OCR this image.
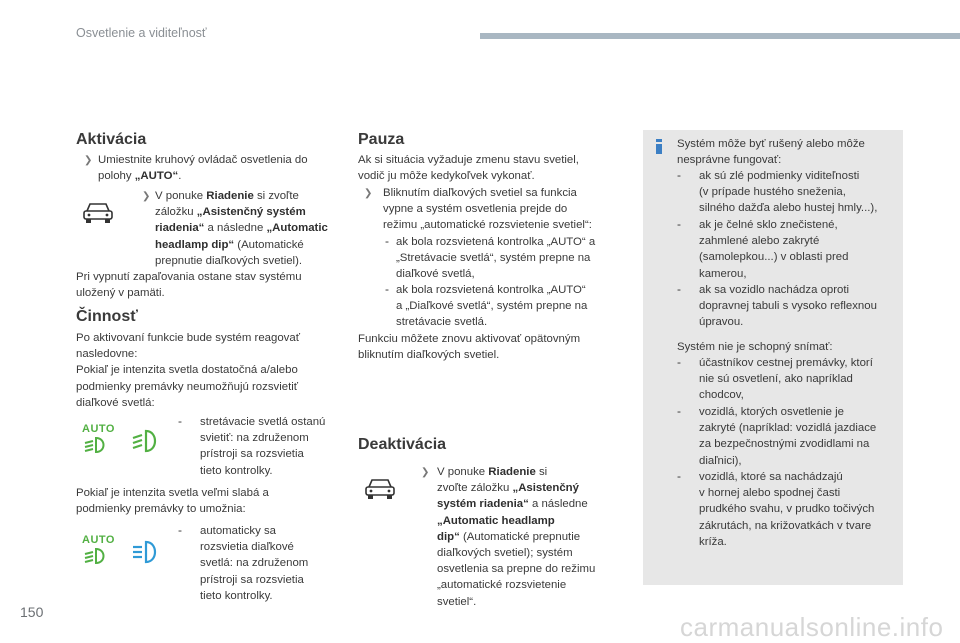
Osvetlenie a viditeľnosť
Aktivácia
❯ Umiestnite kruhový ovládač osvetlenia do
polohy „AUTO“.
❯ V ponuke Riadenie si zvoľte
záložku „Asistenčný systém
riadenia“ a následne „Automatic
headlamp dip“ (Automatické
prepnutie diaľkových svetiel).
Pri vypnutí zapaľovania ostane stav systému
uložený v pamäti.
Činnosť
Po aktivovaní funkcie bude systém reagovať
nasledovne:
Pokiaľ je intenzita svetla dostatočná a/alebo
podmienky premávky neumožňujú rozsvietiť
diaľkové svetlá:
AUTO
- stretávacie svetlá ostanú
svietiť: na združenom
prístroji sa rozsvietia
tieto kontrolky.
Pokiaľ je intenzita svetla veľmi slabá a
podmienky premávky to umožnia:
AUTO
- automaticky sa
rozsvietia diaľkové
svetlá: na združenom
prístroji sa rozsvietia
tieto kontrolky.
Pauza
Ak si situácia vyžaduje zmenu stavu svetiel,
vodič ju môže kedykoľvek vykonať.
❯ Bliknutím diaľkových svetiel sa funkcia
vypne a systém osvetlenia prejde do
režimu „automatické rozsvietenie svetiel“:
- ak bola rozsvietená kontrolka „AUTO“ a
„Stretávacie svetlá“, systém prepne na
diaľkové svetlá,
- ak bola rozsvietená kontrolka „AUTO“
a „Diaľkové svetlá“, systém prepne na
stretávacie svetlá.
Funkciu môžete znovu aktivovať opätovným
bliknutím diaľkových svetiel.
Deaktivácia
❯ V ponuke Riadenie si
zvoľte záložku „Asistenčný
systém riadenia“ a následne
„Automatic headlamp
dip“ (Automatické prepnutie
diaľkových svetiel); systém
osvetlenia sa prepne do režimu
„automatické rozsvietenie
svetiel“.
Systém môže byť rušený alebo môže
nesprávne fungovať:
- ak sú zlé podmienky viditeľnosti
(v prípade hustého sneženia,
silného dažďa alebo hustej hmly...),
- ak je čelné sklo znečistené,
zahmlené alebo zakryté
(samolepkou...) v oblasti pred
kamerou,
- ak sa vozidlo nachádza oproti
dopravnej tabuli s vysoko reflexnou
úpravou.
Systém nie je schopný snímať:
- účastníkov cestnej premávky, ktorí
nie sú osvetlení, ako napríklad
chodcov,
- vozidlá, ktorých osvetlenie je
zakryté (napríklad: vozidlá jazdiace
za bezpečnostnými zvodidlami na
diaľnici),
- vozidlá, ktoré sa nachádzajú
v hornej alebo spodnej časti
prudkého svahu, v prudko točivých
zákrutách, na križovatkách v tvare
kríža.
150	carmanualsonline.info
